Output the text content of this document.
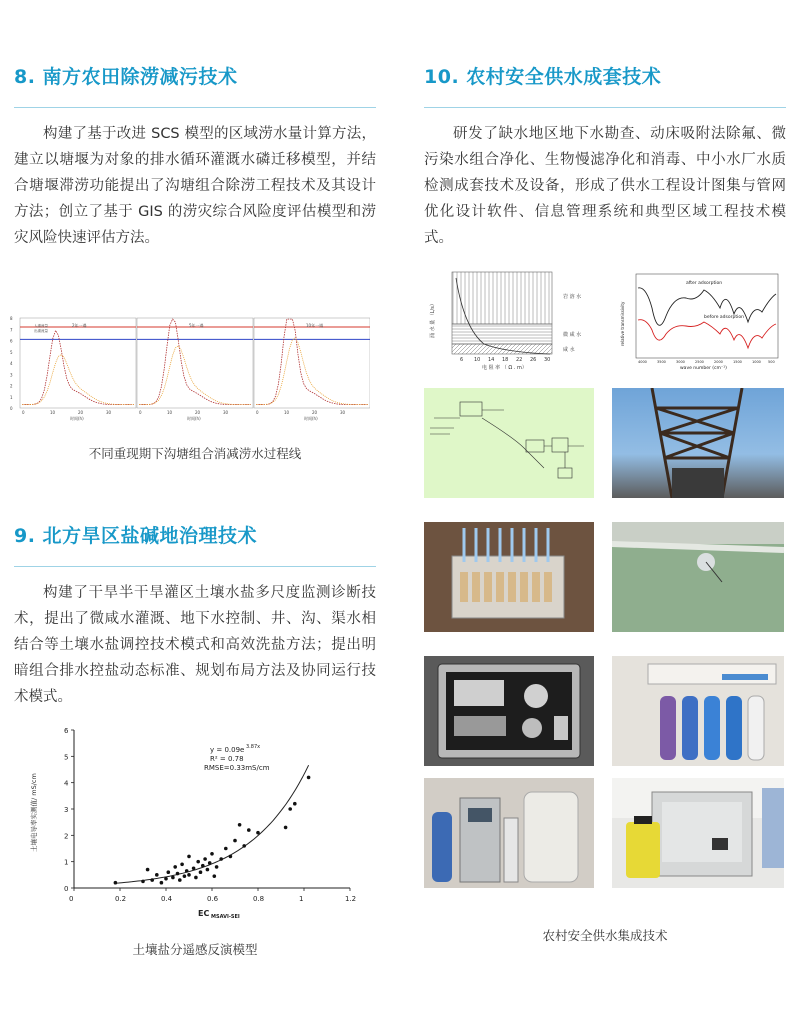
8. 南方农田除涝减污技术
构建了基于改进 SCS 模型的区域涝水量计算方法，建立以塘堰为对象的排水循环灌溉水磷迁移模型，并结合塘堰滞涝功能提出了沟塘组合除涝工程技术及其设计方法；创立了基于 GIS 的涝灾综合风险度评估模型和涝灾风险快速评估方法。
8
7
6
5
4
3
2
1
0
2年一遇
0	10	20	30
时间(h)
5年一遇
0	10	20	30
时间(h)
10年一遇
0	10	20	30
时间(h)
入湖流量
出湖流量
不同重现期下沟塘组合消减涝水过程线
9. 北方旱区盐碱地治理技术
构建了干旱半干旱灌区土壤水盐多尺度监测诊断技术，提出了微咸水灌溉、地下水控制、井、沟、渠水相结合等土壤水盐调控技术模式和高效洗盐方法；提出明暗组合排水控盐动态标准、规划布局方法及协同运行技术模式。
0
1
2
3
4
5
6
0	0.2	0.4	0.6	0.8	1	1.2
y = 0.09e 3.87x
R² = 0.78
RMSE=0.33mS/cm
EC MSAVI-SEI
土壤电导率实测值/ mS/cm
土壤盐分遥感反演模型
10. 农村安全供水成套技术
研发了缺水地区地下水勘查、动床吸附法除氟、微污染水组合净化、生物慢滤净化和消毒、中小水厂水质检测成套技术及设备，形成了供水工程设计图集与管网优化设计软件、信息管理系统和典型区域工程技术模式。
岩 溶 水
微 咸 水
咸 水
6 10 14 18 22 26 30
电 阻 率 （ Ω . m）
涌 水 量 （L/s）
after adsorption
before adsorption
wave number (cm⁻¹)
relative transmissivity
4000	3500	3000	2500	2000	1500	1000 500
农村安全供水集成技术
